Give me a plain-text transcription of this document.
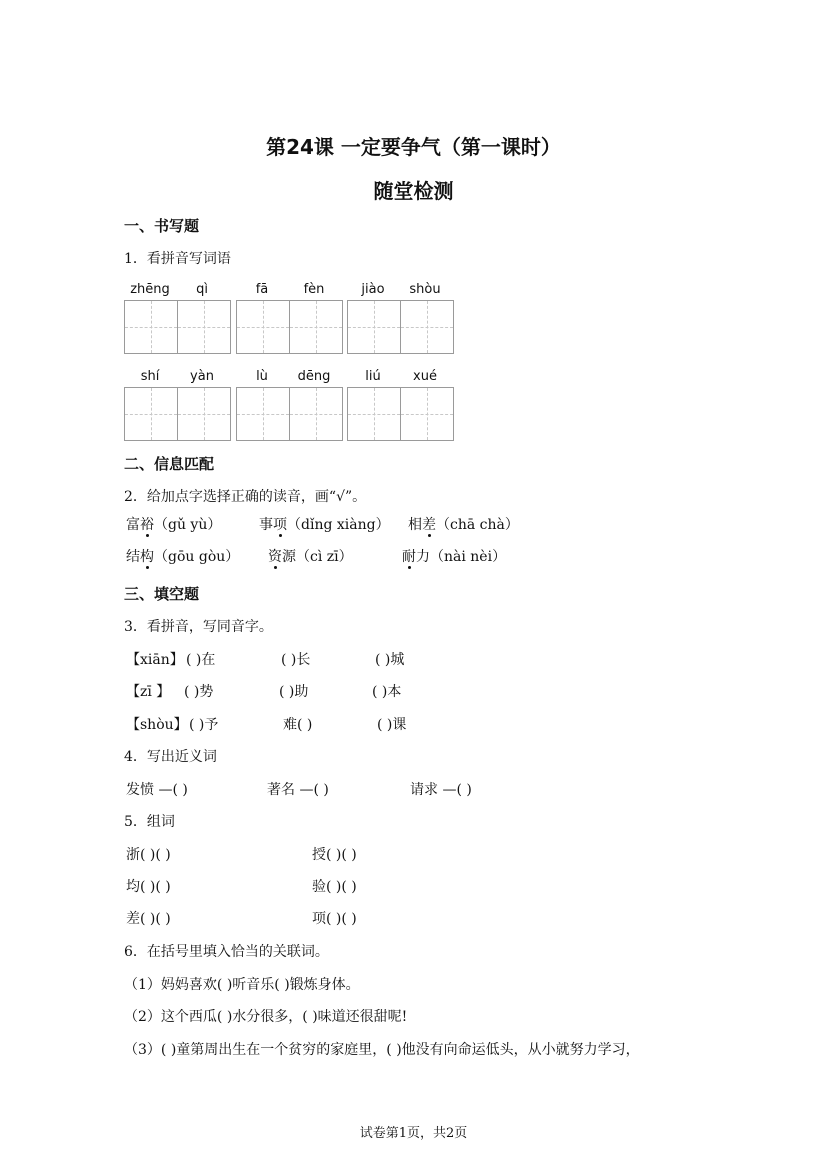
第24课 一定要争气（第一课时）
随堂检测
一、书写题
1．看拼音写词语
zhēng	qì	fā	fèn	jiào	shòu
shí	yàn	lù	dēng	liú	xué
二、信息匹配
2．给加点字选择正确的读音，画“√”。
富裕（gǔ yù）	事项（dǐng xiàng） 相差（chā chà）
结构（gōu gòu） 资源（cì zī）	耐力（nài nèi）
三、填空题
3．看拼音，写同音字。
【xiān】 ( )在	( )长	( )城
【zī 】 ( )势	( )助	( )本
【shòu】 ( )予	难( )	( )课
4．写出近义词
发愤 —( )	著名 —( )	请求 —( )
5．组词
浙( )( )	授( )( )
均( )( )	验( )( )
差( )( )	项( )( )
6．在括号里填入恰当的关联词。
（1）妈妈喜欢( )听音乐( )锻炼身体。
（2）这个西瓜( )水分很多，( )味道还很甜呢!
（3）( )童第周出生在一个贫穷的家庭里，( )他没有向命运低头，从小就努力学习，
试卷第1页，共2页
